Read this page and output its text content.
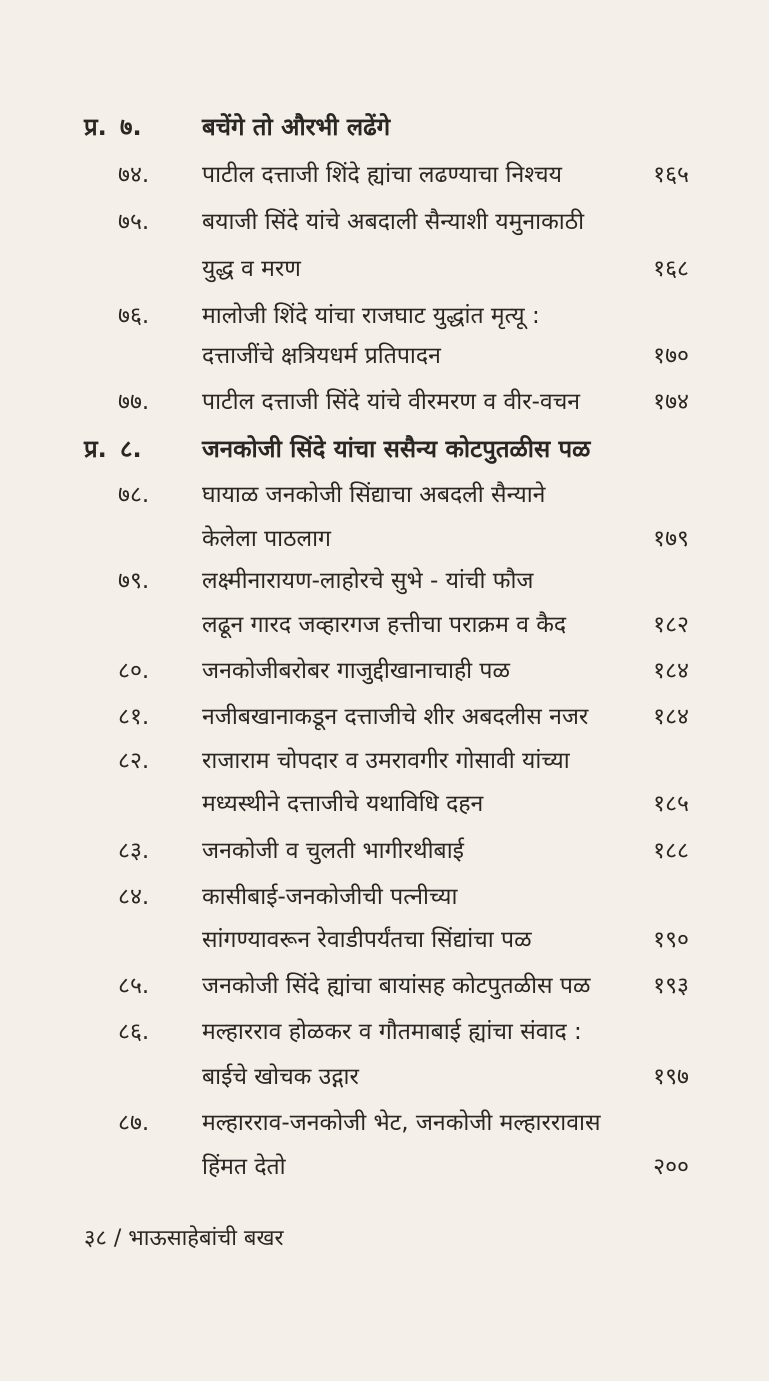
प्र. ७.	बचेंगे तो औरभी लढेंगे
७४. पाटील दत्ताजी शिंदे ह्यांचा लढण्याचा निश्चय	१६५
७५. बयाजी सिंदे यांचे अबदाली सैन्याशी यमुनाकाठी
युद्ध व मरण	१६८
७६. मालोजी शिंदे यांचा राजघाट युद्धांत मृत्यू :
दत्ताजींचे क्षत्रियधर्म प्रतिपादन	१७०
७७. पाटील दत्ताजी सिंदे यांचे वीरमरण व वीर-वचन	१७४
प्र. ८.	जनकोजी सिंदे यांचा ससैन्य कोटपुतळीस पळ
७८. घायाळ जनकोजी सिंद्याचा अबदली सैन्याने
केलेला पाठलाग	१७९
७९. लक्ष्मीनारायण-लाहोरचे सुभे - यांची फौज
लढून गारद जव्हारगज हत्तीचा पराक्रम व कैद	१८२
८०. जनकोजीबरोबर गाजुद्दीखानाचाही पळ	१८४
८१. नजीबखानाकडून दत्ताजीचे शीर अबदलीस नजर	१८४
८२. राजाराम चोपदार व उमरावगीर गोसावी यांच्या
मध्यस्थीने दत्ताजीचे यथाविधि दहन	१८५
८३. जनकोजी व चुलती भागीरथीबाई	१८८
८४. कासीबाई-जनकोजीची पत्नीच्या
सांगण्यावरून रेवाडीपर्यंतचा सिंद्यांचा पळ	१९०
८५. जनकोजी सिंदे ह्यांचा बायांसह कोटपुतळीस पळ	१९३
८६. मल्हारराव होळकर व गौतमाबाई ह्यांचा संवाद :
बाईचे खोचक उद्गार	१९७
८७. मल्हारराव-जनकोजी भेट, जनकोजी मल्हाररावास
हिंमत देतो	२००
३८ / भाऊसाहेबांची बखर
